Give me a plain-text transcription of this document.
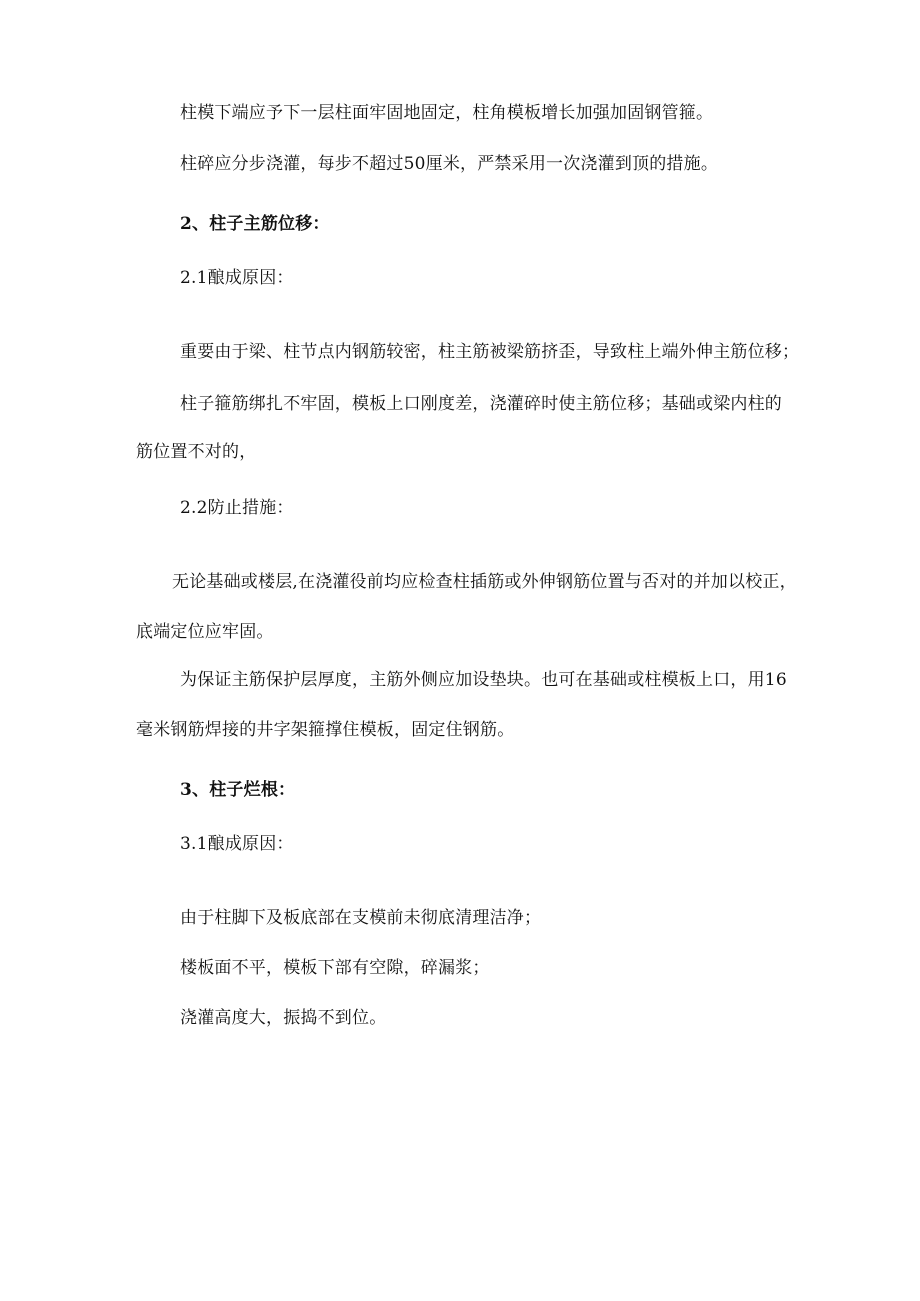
柱模下端应予下一层柱面牢固地固定，柱角模板增长加强加固钢管箍。
柱碎应分步浇灌，每步不超过50厘米，严禁采用一次浇灌到顶的措施。
2、柱子主筋位移：
2.1酿成原因：
重要由于梁、柱节点内钢筋较密，柱主筋被梁筋挤歪，导致柱上端外伸主筋位移；
柱子箍筋绑扎不牢固，模板上口刚度差，浇灌碎时使主筋位移；基础或梁内柱的
筋位置不对的，
2.2防止措施：
无论基础或楼层,在浇灌役前均应检查柱插筋或外伸钢筋位置与否对的并加以校正，
底端定位应牢固。
为保证主筋保护层厚度，主筋外侧应加设垫块。也可在基础或柱模板上口，用16
毫米钢筋焊接的井字架箍撑住模板，固定住钢筋。
3、柱子烂根：
3.1酿成原因：
由于柱脚下及板底部在支模前未彻底清理洁净；
楼板面不平，模板下部有空隙，碎漏浆；
浇灌高度大，振捣不到位。
